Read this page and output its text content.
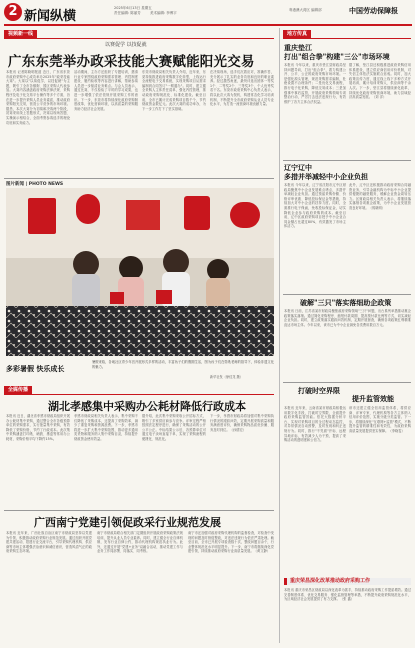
2 新闻纵横
2025年6月13日 星期五
责任编辑: 陈丽芳	美术编辑: 李博宇
粤港澳大湾区 编辑部	中国劳动保障报
视频新一线
以赛促学 以技促就
广东东莞举办政采技能大赛赋能阳光交易
本报讯 记者陈晓明报道 近日，广东省东莞市政府采购中心成功举办2025年"政采技能大赛"。大赛以"以赛促学，以技促就"为主题，吸引了全市各镇街、园区采购人代表参加。大赛内容涵盖政府采购法律法规、采购程序及电子化交易平台操作等多个方面，旨在进一步提升采购人员业务素质，推动政府采购阳光交易，营造公平竞争的市场环境。据悉，本次大赛分为初赛和决赛两个阶段，初赛采用线上答题形式，决赛以现场答题、实操演示相结合，全面考察参赛选手的理论功底和实务能力。
活动期间，主办方还组织了专题培训，邀请行业专家围绕政府采购需求管理、内控制度建设、履约验收等内容进行讲解，帮助参赛人员进一步厘清业务难点。与会人员表示，通过比赛，不仅检验了平时的学习成果，也进一步增强了依法依规开展采购工作的意识。下一步，东莞市将持续深化政府采购制度改革，优化营商环境，以高质量的采购服务助力经济社会发展。
东莞市财政局相关负责人介绍，近年来，东莞持续推进政府采购数字化转型，上线运行全流程电子交易系统，实现采购项目从需求编制到合同签订"一网通办"。同时，建立健全采购人主体责任清单，强化内控管理，推动政府采购规范化、标准化建设。截至目前，全市已累计完成采购项目数千个，节约财政资金数亿元。此次大赛的成功举办，为下一步工作打下了坚实基础。
在决赛现场，选手们沉着应对，准确作答，充分展示了扎实的业务功底和良好的职业素养。经过激烈角逐，最终评选出团体一等奖1个、二等奖2个、三等奖3个，个人优秀奖若干名。东莞市政府采购中心负责人表示，将以此次大赛为契机，构建常态化学习培训机制，不断提升全市政府采购从业人员专业化水平，为打造一流营商环境贡献力量。
图片新闻 | PHOTO NEWS
多彩暑假 快乐成长
暑假来临，各地社区青少年宫开展形式多样的活动，丰富孩子们的假期生活，图为孩子们在剪纸老师的指导下，体验非遗文化的魅力。
新华社发（徐佳龙 摄）
地方传真
重庆垫江
打出"组合拳"构建"三公"市场环境
本报讯 今年以来，重庆市垫江县财政局坚持问题导向，打出"组合拳"，着力构建公开、公平、公正的政府采购市场环境。一是强化源头管理，规范采购需求编制，杜绝设置不合理条件；二是优化交易流程，推行电子化采购，降低交易成本；三是加强事中事后监管，开展政府采购领域专项整治行动，严厉打击违法违规行为，有效维护了各方主体合法权益。
据了解，垫江县还积极推进政府采购信用体系建设，建立供应商信用评价机制，对失信主体依法实施联合惩戒。同时，加大政策宣传力度，通过线上线下多种方式开展培训，累计培训采购人、供应商等千余人次。下一步，垫江县将继续深化改革，持续优化政府采购营商环境，助力县域经济高质量发展。（刘 洋）
辽宁辽中
多措并举减轻中小企业负担
本报讯 今年以来，辽宁省沈阳市辽中区财政局聚焦中小企业发展难点堵点，多措并举减轻企业负担。通过预留采购份额、价格评审优惠、降低投标保证金等措施，持续加大对中小企业的扶持力度。同时，全面推行电子保函，免收投标保证金，切实降低企业参与政府采购的成本。截至目前，辽中区政府采购项目授予中小企业合同金额占比超过80%，有效激发了市场主体活力。
此外，辽中区还积极推动政府采购合同融资业务，引导金融机构为中标中小企业提供便捷的融资服务，缓解企业资金周转压力。区财政局相关负责人表示，将继续落实落细各项惠企政策，为中小企业发展营造良好环境。（郭晓明）
破解"三只"落实落细助企政策
本报讯 日前，江苏省某市财政局聚焦政府采购领域"三只"问题，出台系列举措推动惠企政策落实落细。通过简化采购程序、缩短付款周期、提高预付款比例等方式，切实减轻企业负担。同时，建立政策落实跟踪问效机制，定期开展督查，确保各项政策红利精准直达市场主体。今年以来，该市已为中小企业减免各类费用数百万元。
打破时空界限
提升监管效能
本报讯 近年来，云南省某市财政局积极运用数字化手段，打破时空界限，全面提升政府采购监管效能。依托大数据分析平台，实现对采购项目的全过程动态监控，对异常情况自动预警，及时发现和纠正违规行为。同时，推行"不见面"开标、远程异地评标，有效减少人为干预，提高了采购活动的透明度和公信力。
该市还建立健全信用监管体系，将供应商、评审专家、代理机构等各方主体纳入信用评价范围，实施分级分类监管。下一步，将继续深化"互联网+监管"模式，不断提升监管的精准性和有效性，为政府采购高质量发展提供坚实保障。（李晓雯）
重庆荣昌深化改革推动政府采购工作
本报讯 重庆市荣昌区财政局以深化改革为抓手，持续推动政府采购工作提质增效。通过完善制度体系、优化交易服务、强化监督管理等举措，不断提升政府采购规范化水平，为区域经济社会发展提供了有力支撑。（张 鑫）
全媒传播
湖北孝感集中采购办公耗材降低行政成本
本报讯 近日，湖北省孝感市财政局组织开展办公耗材集中采购，通过整合全市各级预算单位的采购需求，实行批量集中采购，有效降低了采购价格，节约了行政成本。此次集中采购涵盖打印纸、硒鼓、墨盒等常用办公耗材，采购价格平均下降约15%。
孝感市财政局相关负责人表示，集中采购不仅降低了采购成本，还提高了采购效率，减少了重复采购和资源浪费。下一步，孝感市将进一步扩大集中采购范围，推动更多通用类货物和服务纳入集中采购目录，持续提升财政资金使用效益。
据介绍，此次集中采购采取公开招标方式，吸引了多家供应商参与竞争。评审过程严格按照法定程序进行，确保了采购活动的公开公平公正。中标结果公示后，各预算单位可通过电子卖场直接下单，实现了采购流程的便捷化、规范化。
下一步，孝感市财政局将加强对集中采购执行情况的跟踪问效，定期开展采购质量和服务满意度评价，确保采购物品质优价廉、服务及时到位。（孙德宏）
广西南宁党建引领促政采行业规范发展
本报讯 近年来，广西壮族自治区南宁市财政局坚持以党建为引领，积极推动政府采购行业规范发展。通过组织开展党建共建活动，搭建行业交流平台，引导采购代理机构、供应商等市场主体增强法治意识和诚信意识，营造风清气正的政府采购生态环境。
南宁市财政局联合相关部门定期组织开展政府采购政策法规培训，提升从业人员专业素养。同时，建立健全行业自律机制，发布行业自律公约，推动代理机构规范执业行为。此外，还通过开展"党建+业务"双融合活动，推动党建工作与业务工作同部署、同落实、同考核。
南宁市还加强对政府采购代理机构的监督检查，对检查中发现的问题及时督促整改，对违法违规行为依法严肃处理。截至目前，全市已开展专项检查数十次，整改问题百余个，行业整体规范化水平明显提升。下一步，南宁市将继续深化党建引领，持续推动政府采购行业高质量发展。（黄文静）
